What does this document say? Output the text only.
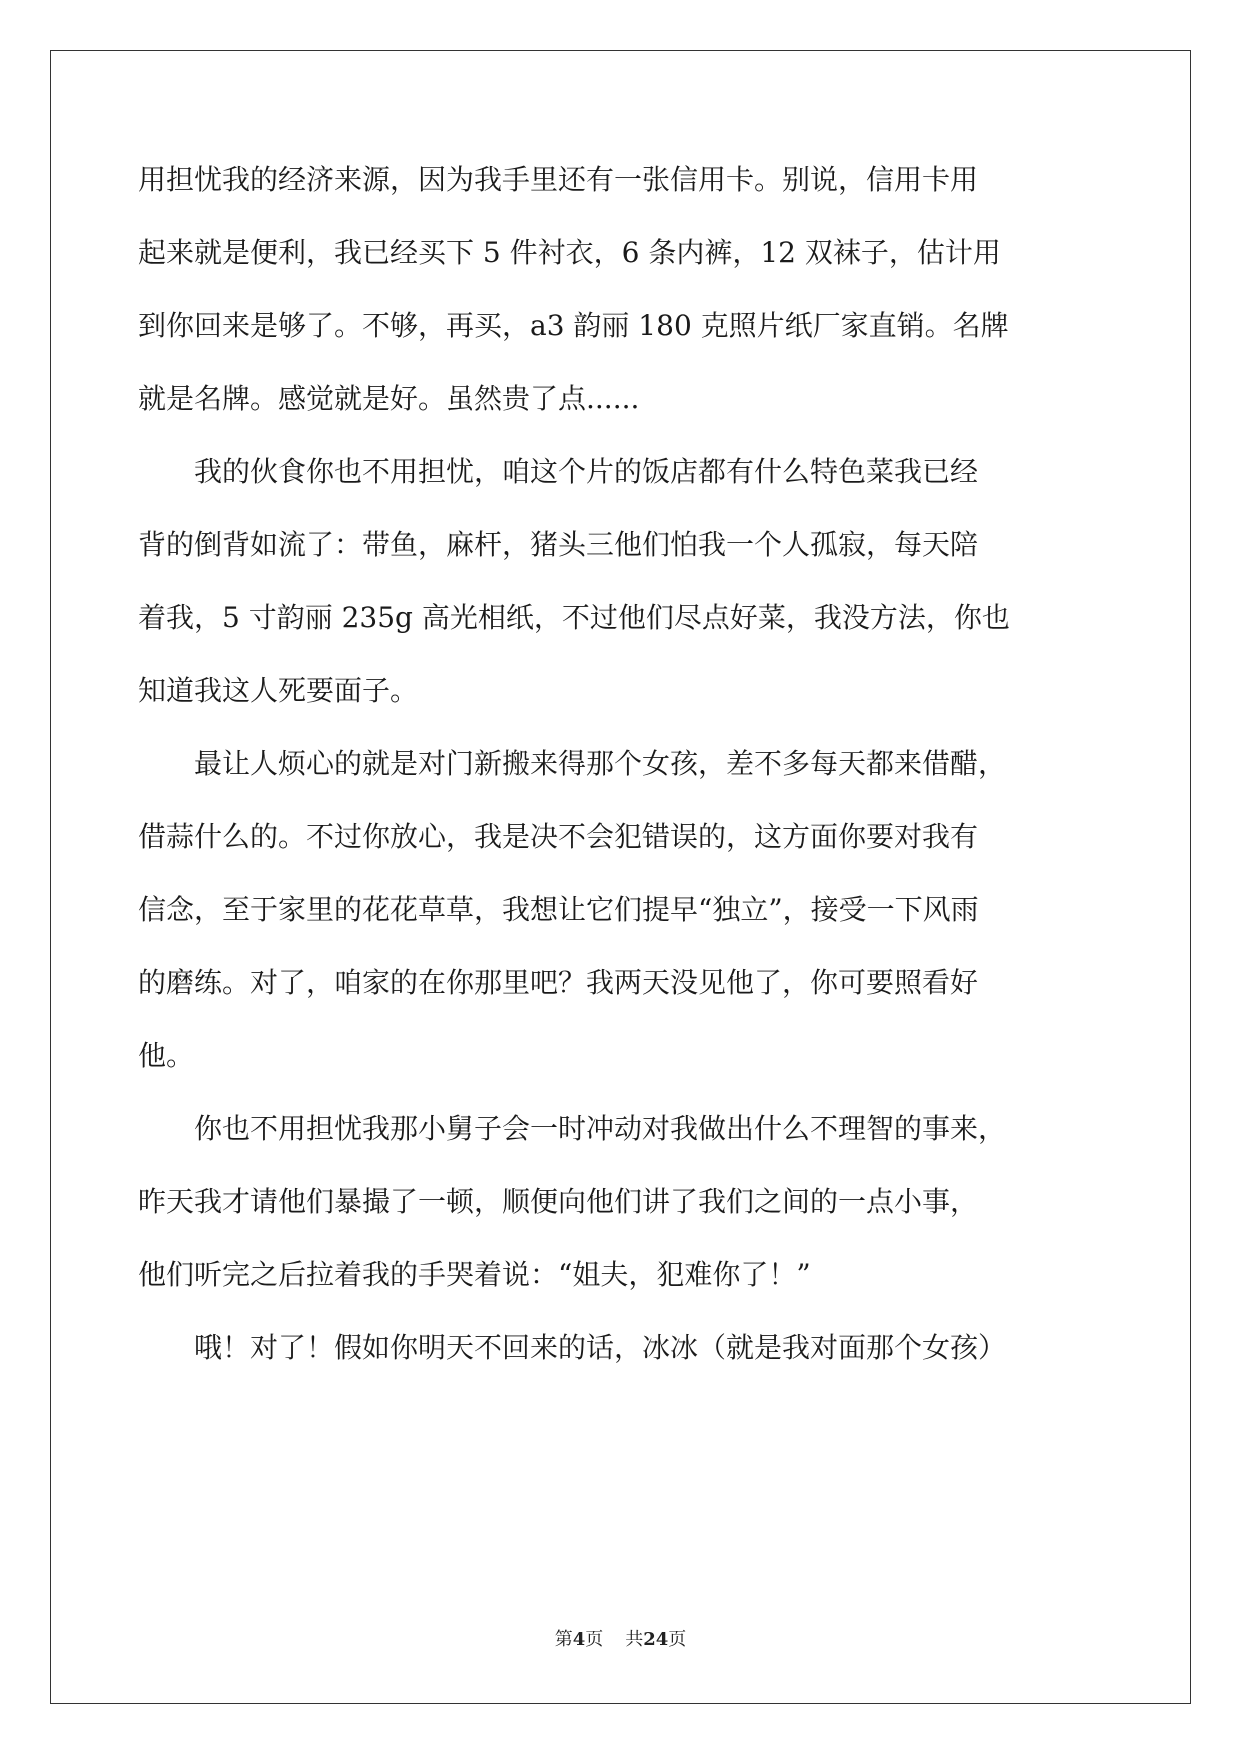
用担忧我的经济来源，因为我手里还有一张信用卡。别说，信用卡用
起来就是便利，我已经买下 5 件衬衣，6 条内裤，12 双袜子，估计用
到你回来是够了。不够，再买，a3 韵丽 180 克照片纸厂家直销。名牌
就是名牌。感觉就是好。虽然贵了点......
我的伙食你也不用担忧，咱这个片的饭店都有什么特色菜我已经
背的倒背如流了：带鱼，麻杆，猪头三他们怕我一个人孤寂，每天陪
着我，5 寸韵丽 235g 高光相纸，不过他们尽点好菜，我没方法，你也
知道我这人死要面子。
最让人烦心的就是对门新搬来得那个女孩，差不多每天都来借醋，
借蒜什么的。不过你放心，我是决不会犯错误的，这方面你要对我有
信念，至于家里的花花草草，我想让它们提早“独立”，接受一下风雨
的磨练。对了，咱家的在你那里吧？我两天没见他了，你可要照看好
他。
你也不用担忧我那小舅子会一时冲动对我做出什么不理智的事来，
昨天我才请他们暴撮了一顿，顺便向他们讲了我们之间的一点小事，
他们听完之后拉着我的手哭着说：“姐夫，犯难你了！”
哦！对了！假如你明天不回来的话，冰冰（就是我对面那个女孩）
第4页 共24页
